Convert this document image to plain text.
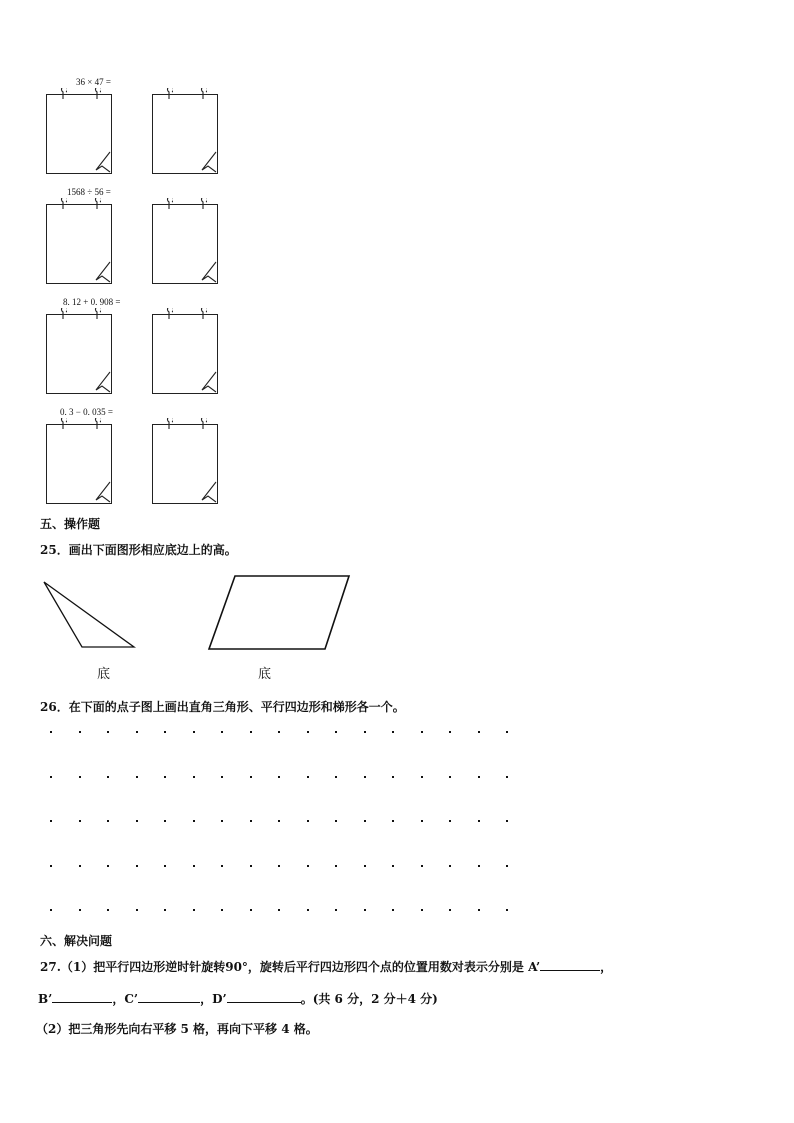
36 × 47 =
1568 ÷ 56 =
8. 12 + 0. 908 =
0. 3 − 0. 035 =
五、操作题
25．画出下面图形相应底边上的高。
底	底
26．在下面的点子图上画出直角三角形、平行四边形和梯形各一个。
六、解决问题
27.（1）把平行四边形逆时针旋转90°，旋转后平行四边形四个点的位置用数对表示分别是 A’	，
B’	，C’	，D’	。(共 6 分，2 分＋4 分)
（2）把三角形先向右平移 5 格，再向下平移 4 格。
